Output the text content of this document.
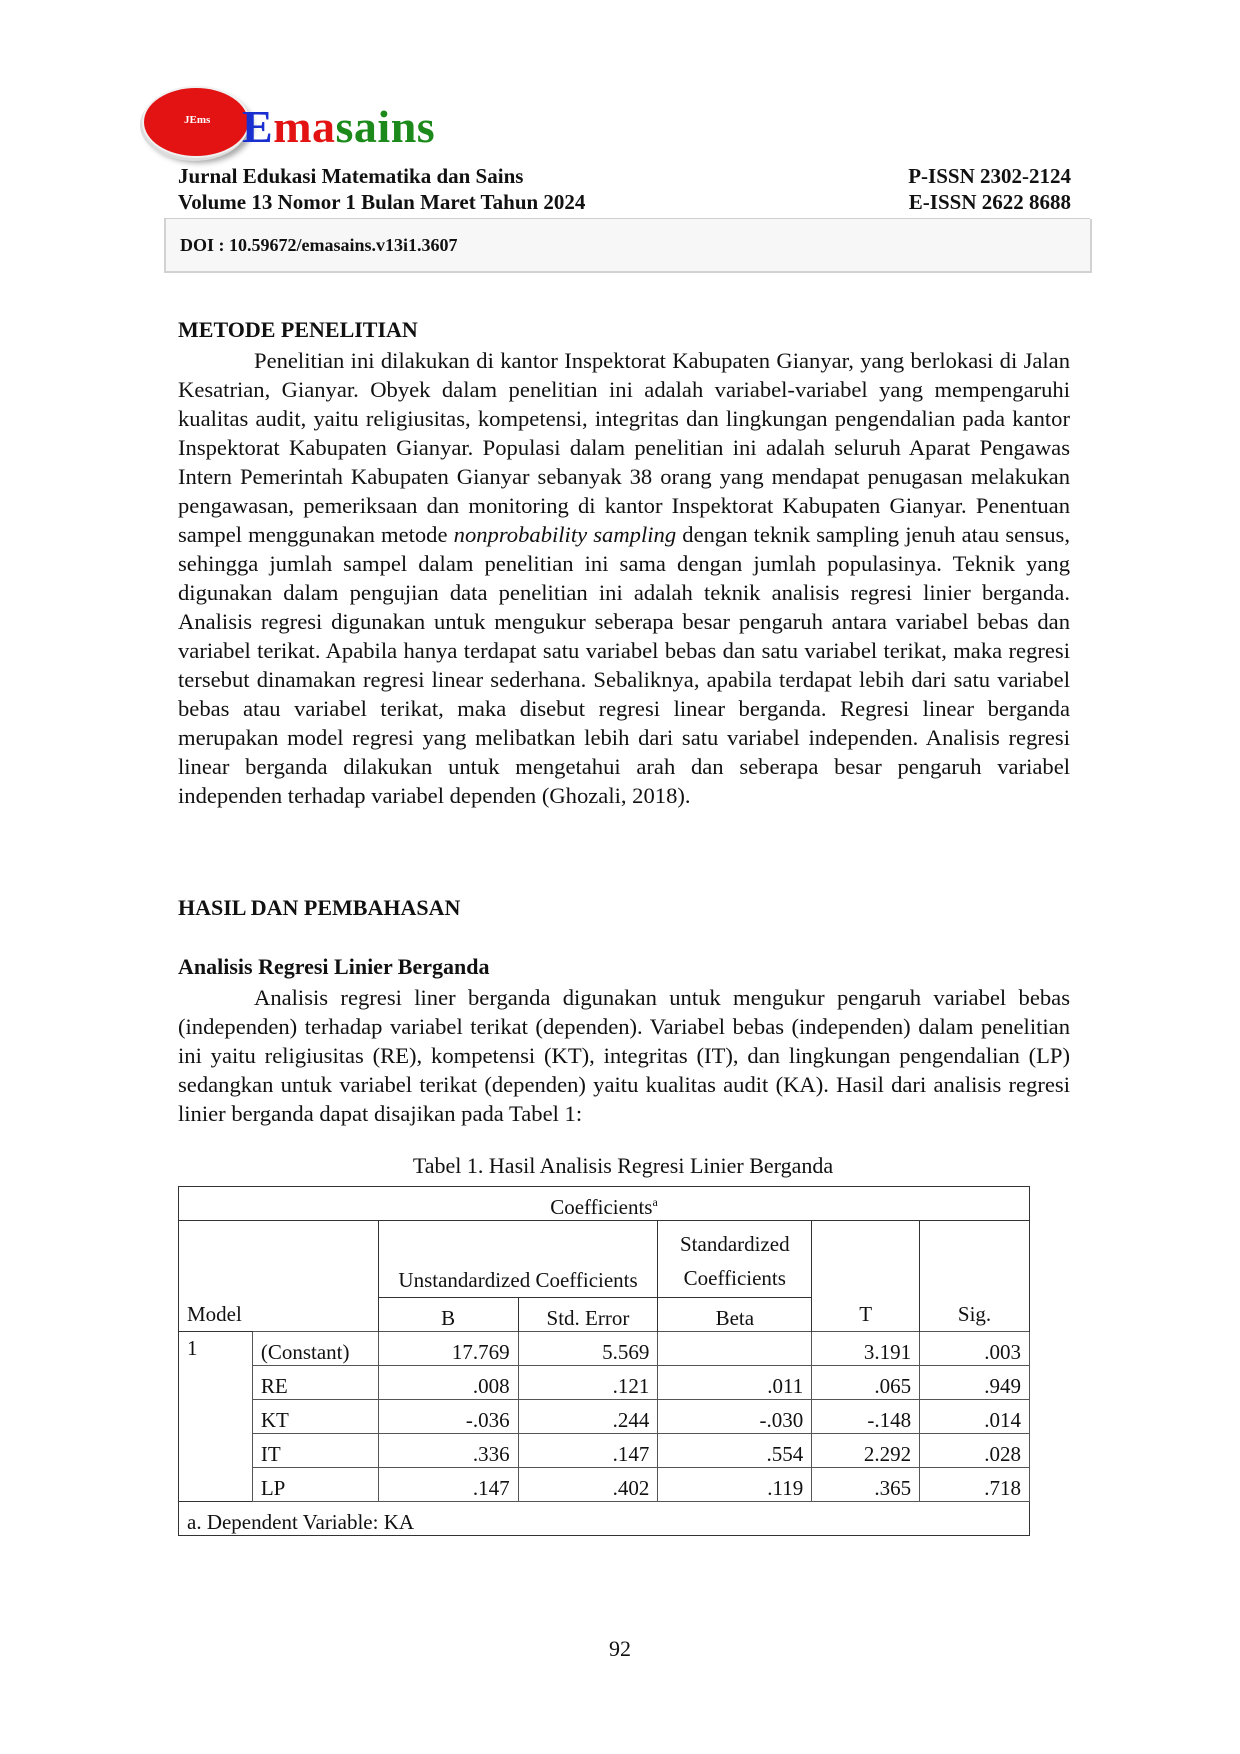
JEms Emasains
Jurnal Edukasi Matematika dan Sains
Volume 13 Nomor 1 Bulan Maret Tahun 2024
P-ISSN 2302-2124
E-ISSN 2622 8688
DOI : 10.59672/emasains.v13i1.3607
METODE PENELITIAN

Penelitian ini dilakukan di kantor Inspektorat Kabupaten Gianyar, yang berlokasi di Jalan Kesatrian, Gianyar. Obyek dalam penelitian ini adalah variabel-variabel yang mempengaruhi kualitas audit, yaitu religiusitas, kompetensi, integritas dan lingkungan pengendalian pada kantor Inspektorat Kabupaten Gianyar. Populasi dalam penelitian ini adalah seluruh Aparat Pengawas Intern Pemerintah Kabupaten Gianyar sebanyak 38 orang yang mendapat penugasan melakukan pengawasan, pemeriksaan dan monitoring di kantor Inspektorat Kabupaten Gianyar. Penentuan sampel menggunakan metode nonprobability sampling dengan teknik sampling jenuh atau sensus, sehingga jumlah sampel dalam penelitian ini sama dengan jumlah populasinya. Teknik yang digunakan dalam pengujian data penelitian ini adalah teknik analisis regresi linier berganda. Analisis regresi digunakan untuk mengukur seberapa besar pengaruh antara variabel bebas dan variabel terikat. Apabila hanya terdapat satu variabel bebas dan satu variabel terikat, maka regresi tersebut dinamakan regresi linear sederhana. Sebaliknya, apabila terdapat lebih dari satu variabel bebas atau variabel terikat, maka disebut regresi linear berganda. Regresi linear berganda merupakan model regresi yang melibatkan lebih dari satu variabel independen. Analisis regresi linear berganda dilakukan untuk mengetahui arah dan seberapa besar pengaruh variabel independen terhadap variabel dependen (Ghozali, 2018).

HASIL DAN PEMBAHASAN
Analisis Regresi Linier Berganda

Analisis regresi liner berganda digunakan untuk mengukur pengaruh variabel bebas (independen) terhadap variabel terikat (dependen). Variabel bebas (independen) dalam penelitian ini yaitu religiusitas (RE), kompetensi (KT), integritas (IT), dan lingkungan pengendalian (LP) sedangkan untuk variabel terikat (dependen) yaitu kualitas audit (KA). Hasil dari analisis regresi linier berganda dapat disajikan pada Tabel 1:

Tabel 1. Hasil Analisis Regresi Linier Berganda
Coefficients$^a$
Model		Unstandardized Coefficients		Standardized
Coefficients	T	Sig.
		B	Std. Error	Beta		
1	(Constant)	17.769	5.569		3.191	.003
	RE	.008	.121	.011	.065	.949
	KT	-.036	.244	-.030	-.148	.014
	IT	.336	.147	.554	2.292	.028
	LP	.147	.402	.119	.365	.718
a. Dependent Variable: KA						
92
